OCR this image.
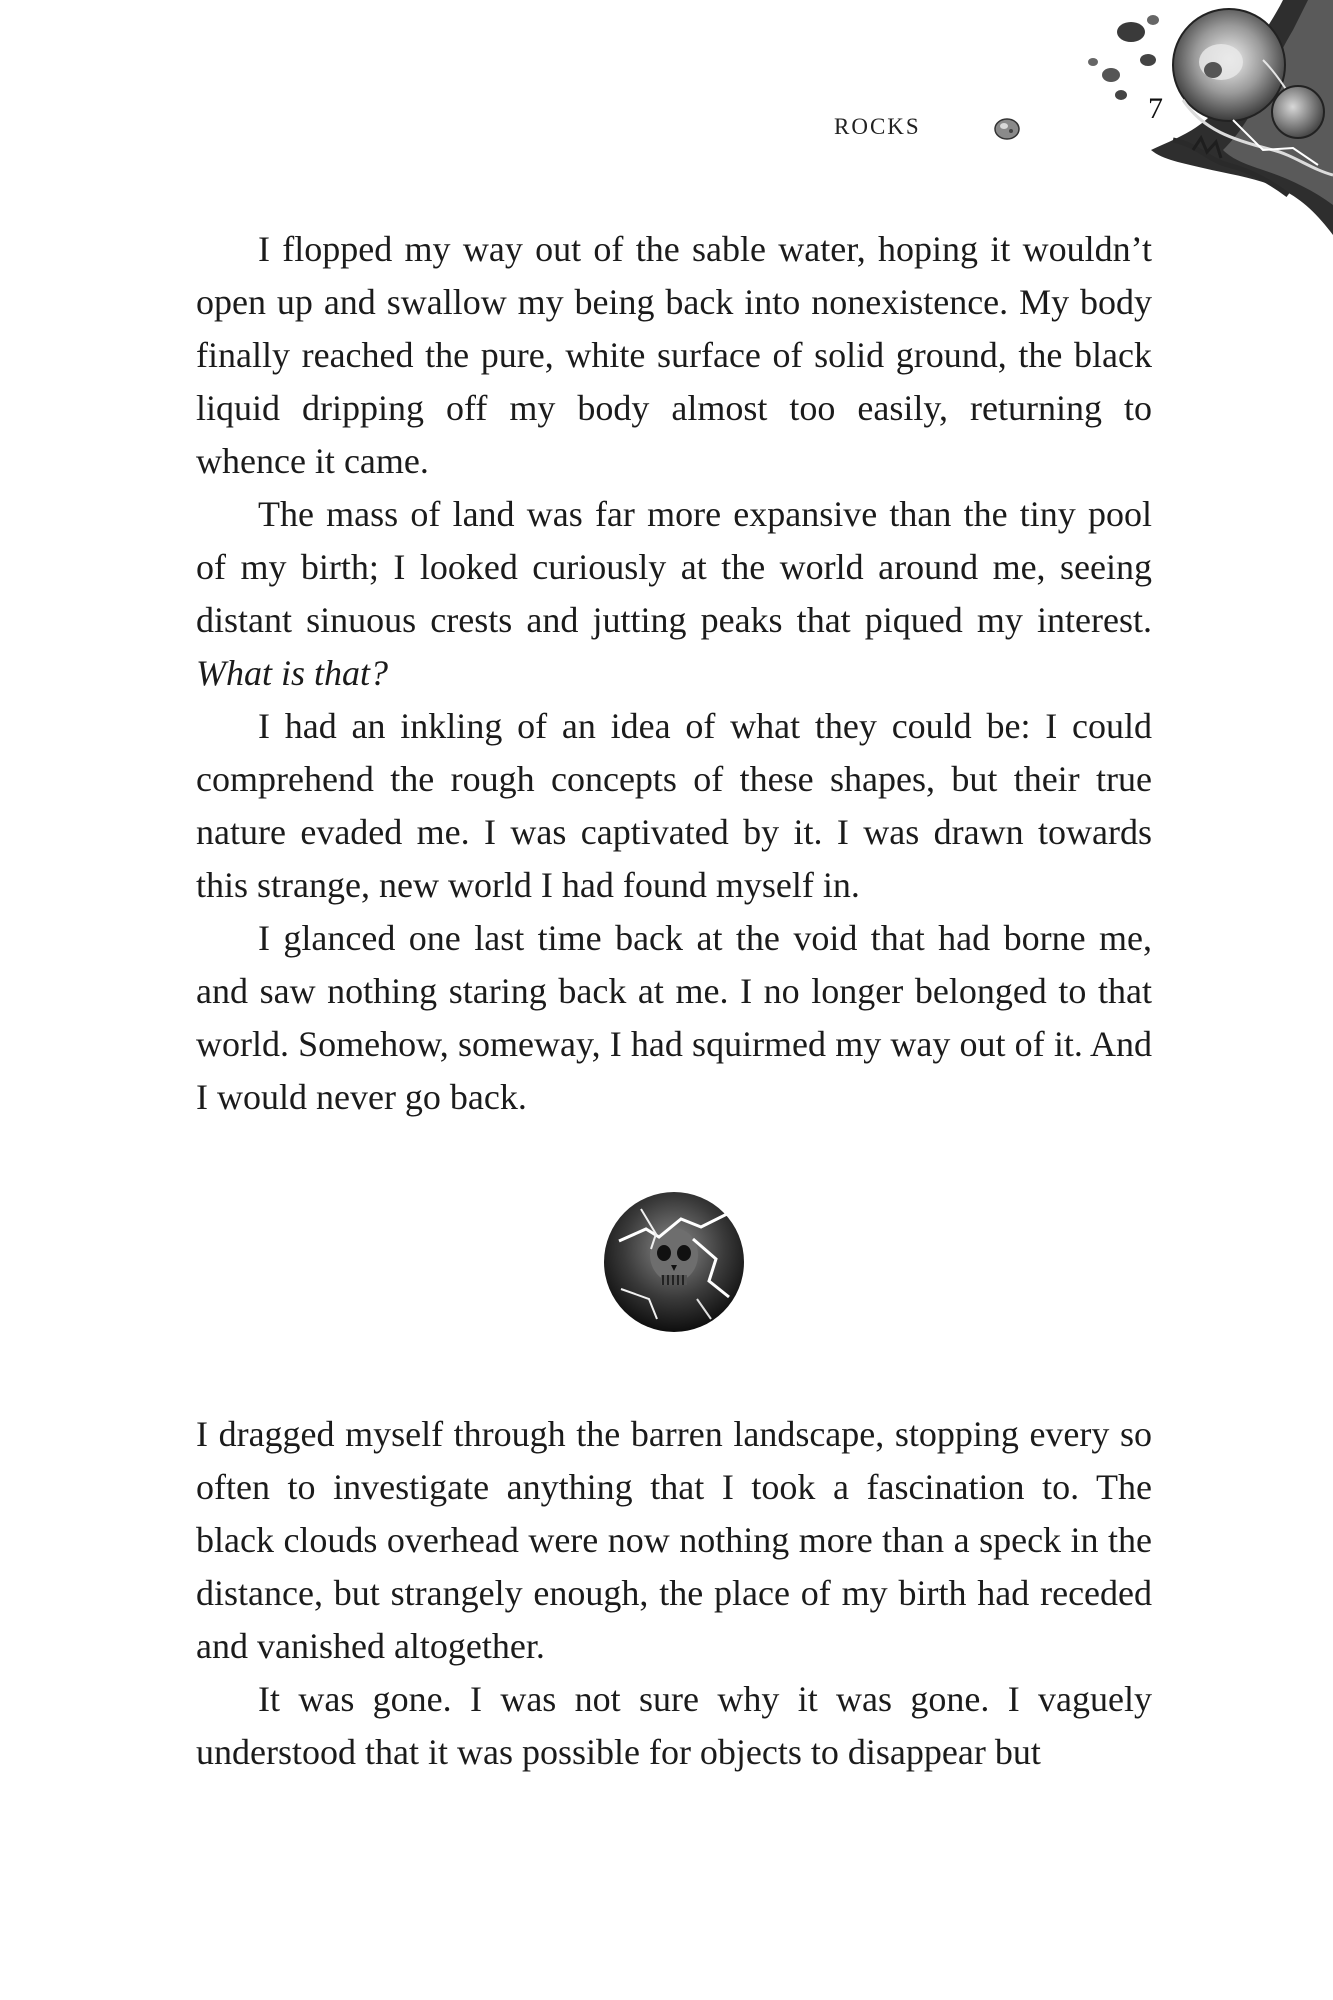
ROCKS
7

I flopped my way out of the sable water, hoping it wouldn’t open up and swallow my being back into nonexistence. My body finally reached the pure, white surface of solid ground, the black liquid dripping off my body almost too easily, returning to whence it came.

The mass of land was far more expansive than the tiny pool of my birth; I looked curiously at the world around me, seeing distant sinuous crests and jutting peaks that piqued my interest. What is that?

I had an inkling of an idea of what they could be: I could comprehend the rough concepts of these shapes, but their true nature evaded me. I was captivated by it. I was drawn towards this strange, new world I had found myself in.

I glanced one last time back at the void that had borne me, and saw nothing staring back at me. I no longer belonged to that world. Somehow, someway, I had squirmed my way out of it. And I would never go back.

I dragged myself through the barren landscape, stopping every so often to investigate anything that I took a fascination to. The black clouds overhead were now nothing more than a speck in the distance, but strangely enough, the place of my birth had receded and vanished altogether.

It was gone. I was not sure why it was gone. I vaguely understood that it was possible for objects to disappear but
